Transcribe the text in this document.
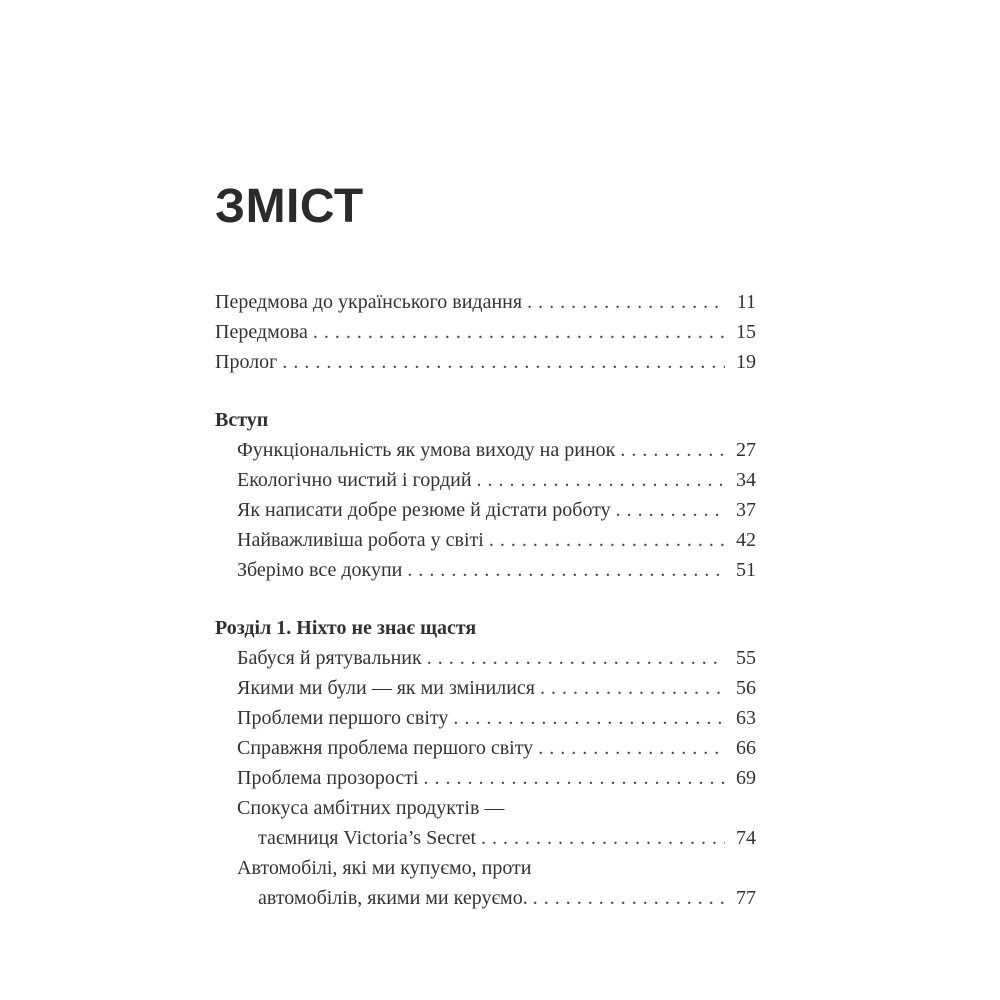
ЗМІСТ
Передмова до українського видання . . .	11
Передмова . . .	15
Пролог . . .	19
Вступ
Функціональність як умова виходу на ринок . . .	27
Екологічно чистий і гордий . . .	34
Як написати добре резюме й дістати роботу . . .	37
Найважливіша робота у світі . . .	42
Зберімо все докупи . . .	51
Розділ 1. Ніхто не знає щастя
Бабуся й рятувальник . . .	55
Якими ми були — як ми змінилися . . .	56
Проблеми першого світу . . .	63
Справжня проблема першого світу . . .	66
Проблема прозорості . . .	69
Спокуса амбітних продуктів —
таємниця Victoria’s Secret . . .	74
Автомобілі, які ми купуємо, проти
автомобілів, якими ми керуємо. . . .	77
